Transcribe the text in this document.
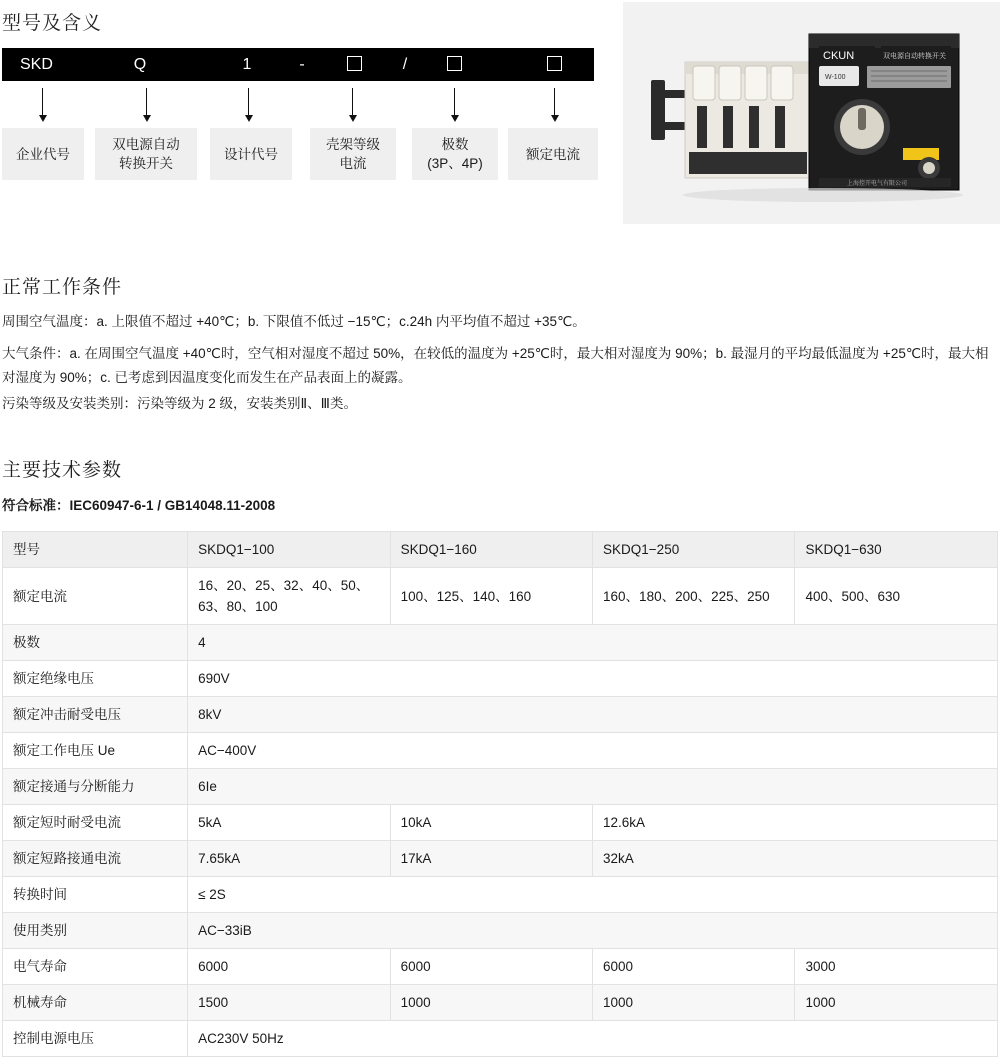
型号及含义
SKD	Q	1	-	/
企业代号
双电源自动
转换开关
设计代号
壳架等级
电流
极数
(3P、4P)
额定电流
CKUN	双电源自动转换开关
W-100
上海控开电气有限公司
正常工作条件

周围空气温度：a. 上限值不超过 +40℃；b. 下限值不低过 −15℃；c.24h 内平均值不超过 +35℃。

大气条件：a. 在周围空气温度 +40℃时，空气相对湿度不超过 50%，在较低的温度为 +25℃时，最大相对湿度为 90%；b. 最湿月的平均最低温度为 +25℃时，最大相对湿度为 90%；c. 已考虑到因温度变化而发生在产品表面上的凝露。

污染等级及安装类别：污染等级为 2 级，安装类别Ⅱ、Ⅲ类。

主要技术参数

符合标准：IEC60947-6-1 / GB14048.11-2008

型号	SKDQ1−100	SKDQ1−160	SKDQ1−250	SKDQ1−630
额定电流	16、20、25、32、40、50、63、80、100	100、125、140、160	160、180、200、225、250	400、500、630
极数	4			
额定绝缘电压	690V			
额定冲击耐受电压	8kV			
额定工作电压 Ue	AC−400V			
额定接通与分断能力	6Ie			
额定短时耐受电流	5kA	10kA	12.6kA	
额定短路接通电流	7.65kA	17kA	32kA	
转换时间	≤ 2S			
使用类别	AC−33iB			
电气寿命	6000	6000	6000	3000
机械寿命	1500	1000	1000	1000
控制电源电压	AC230V 50Hz			
